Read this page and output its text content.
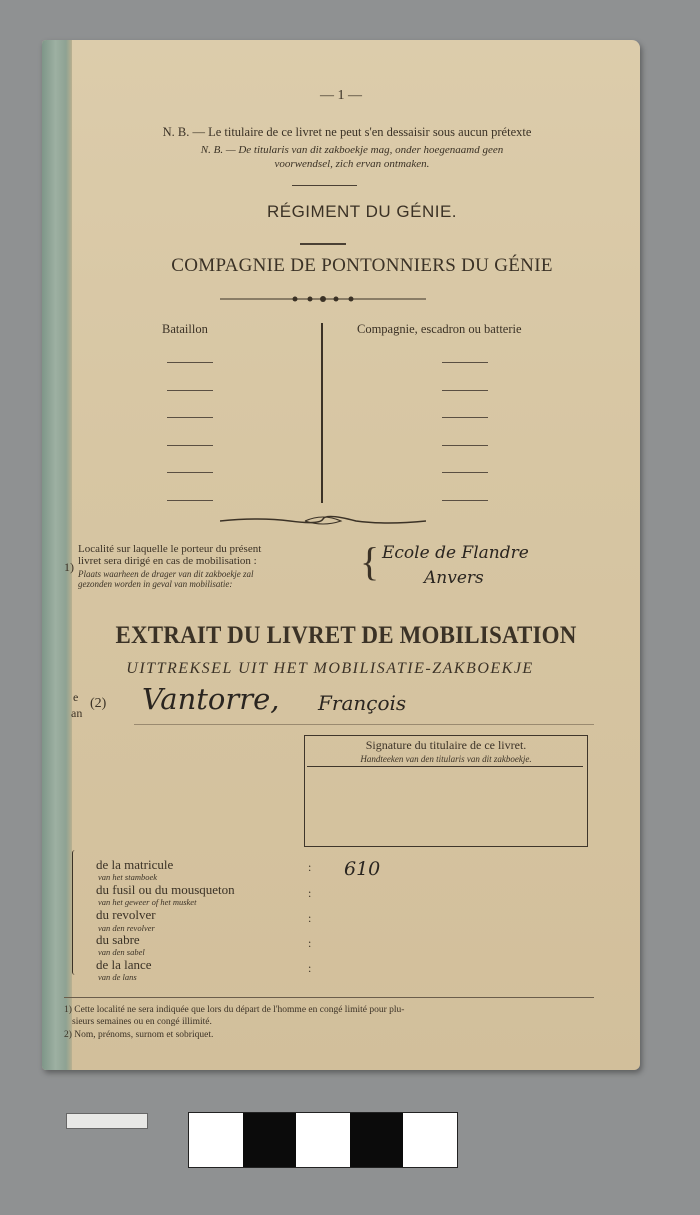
— 1 —
N. B. — Le titulaire de ce livret ne peut s'en dessaisir sous aucun prétexte
N. B. — De titularis van dit zakboekje mag, onder hoegenaamd geen
voorwendsel, zich ervan ontmaken.
RÉGIMENT DU GÉNIE.
COMPAGNIE DE PONTONNIERS DU GÉNIE
Bataillon	Compagnie, escadron ou batterie
1)
Localité sur laquelle le porteur du présent
livret sera dirigé en cas de mobilisation :
Plaats waarheen de drager van dit zakboekje zal
gezonden worden in geval van mobilisatie:	{ Ecole de Flandre
Anvers
EXTRAIT DU LIVRET DE MOBILISATION
UITTREKSEL UIT HET MOBILISATIE-ZAKBOEKJE
e
an
(2) Vantorre, François
Signature du titulaire de ce livret.
Handteeken van den titularis van dit zakboekje.
de la matricule
van het stamboek
du fusil ou du mousqueton
van het geweer of het musket
du revolver
van den revolver
du sabre
van den sabel
de la lance
van de lans
:
:
:
:
:
610
1) Cette localité ne sera indiquée que lors du départ de l'homme en congé limité pour plu-
sieurs semaines ou en congé illimité.
2) Nom, prénoms, surnom et sobriquet.
